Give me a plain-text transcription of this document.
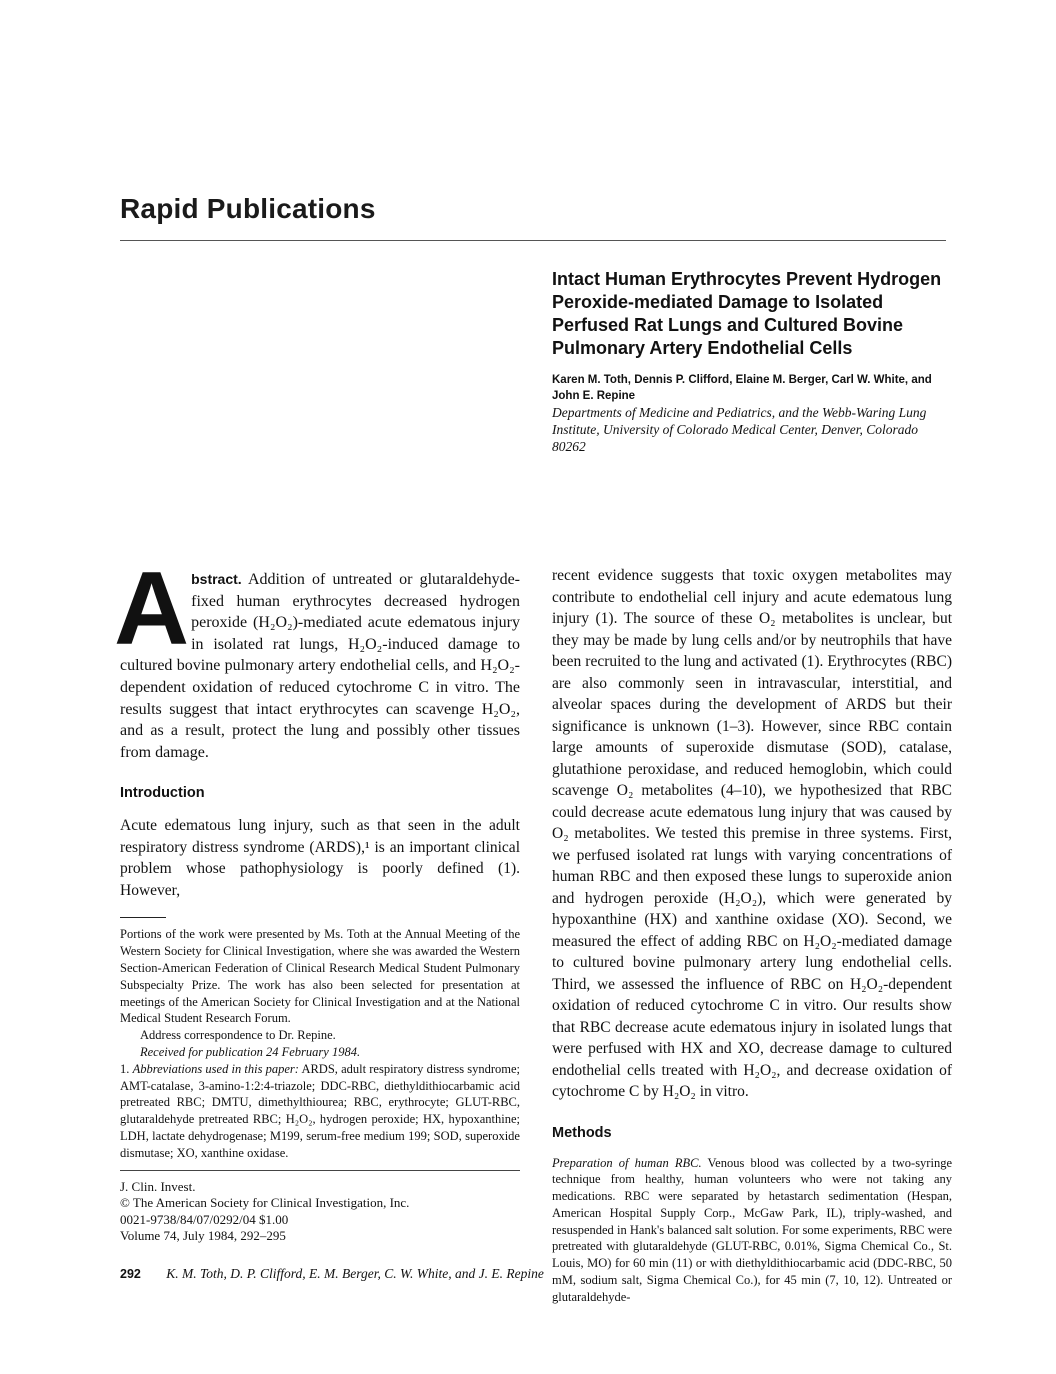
Rapid Publications
Intact Human Erythrocytes Prevent Hydrogen Peroxide-mediated Damage to Isolated Perfused Rat Lungs and Cultured Bovine Pulmonary Artery Endothelial Cells
Karen M. Toth, Dennis P. Clifford, Elaine M. Berger, Carl W. White, and John E. Repine
Departments of Medicine and Pediatrics, and the Webb-Waring Lung Institute, University of Colorado Medical Center, Denver, Colorado 80262
A bstract. Addition of untreated or glutaraldehyde-fixed human erythrocytes decreased hydrogen peroxide (H₂O₂)-mediated acute edematous injury in isolated rat lungs, H₂O₂-induced damage to cultured bovine pulmonary artery endothelial cells, and H₂O₂-dependent oxidation of reduced cytochrome C in vitro. The results suggest that intact erythrocytes can scavenge H₂O₂, and as a result, protect the lung and possibly other tissues from damage.
Introduction

Acute edematous lung injury, such as that seen in the adult respiratory distress syndrome (ARDS),¹ is an important clinical problem whose pathophysiology is poorly defined (1). However,

Portions of the work were presented by Ms. Toth at the Annual Meeting of the Western Society for Clinical Investigation, where she was awarded the Western Section-American Federation of Clinical Research Medical Student Pulmonary Subspecialty Prize. The work has also been selected for presentation at meetings of the American Society for Clinical Investigation and at the National Medical Student Research Forum.

Address correspondence to Dr. Repine.

Received for publication 24 February 1984.

1. Abbreviations used in this paper: ARDS, adult respiratory distress syndrome; AMT-catalase, 3-amino-1:2:4-triazole; DDC-RBC, diethyldithiocarbamic acid pretreated RBC; DMTU, dimethylthiourea; RBC, erythrocyte; GLUT-RBC, glutaraldehyde pretreated RBC; H₂O₂, hydrogen peroxide; HX, hypoxanthine; LDH, lactate dehydrogenase; M199, serum-free medium 199; SOD, superoxide dismutase; XO, xanthine oxidase.

J. Clin. Invest.
© The American Society for Clinical Investigation, Inc.
0021-9738/84/07/0292/04 $1.00
Volume 74, July 1984, 292–295

recent evidence suggests that toxic oxygen metabolites may contribute to endothelial cell injury and acute edematous lung injury (1). The source of these O₂ metabolites is unclear, but they may be made by lung cells and/or by neutrophils that have been recruited to the lung and activated (1). Erythrocytes (RBC) are also commonly seen in intravascular, interstitial, and alveolar spaces during the development of ARDS but their significance is unknown (1–3). However, since RBC contain large amounts of superoxide dismutase (SOD), catalase, glutathione peroxidase, and reduced hemoglobin, which could scavenge O₂ metabolites (4–10), we hypothesized that RBC could decrease acute edematous lung injury that was caused by O₂ metabolites. We tested this premise in three systems. First, we perfused isolated rat lungs with varying concentrations of human RBC and then exposed these lungs to superoxide anion and hydrogen peroxide (H₂O₂), which were generated by hypoxanthine (HX) and xanthine oxidase (XO). Second, we measured the effect of adding RBC on H₂O₂-mediated damage to cultured bovine pulmonary artery lung endothelial cells. Third, we assessed the influence of RBC on H₂O₂-dependent oxidation of reduced cytochrome C in vitro. Our results show that RBC decrease acute edematous injury in isolated lungs that were perfused with HX and XO, decrease damage to cultured endothelial cells treated with H₂O₂, and decrease oxidation of cytochrome C by H₂O₂ in vitro.

Methods

Preparation of human RBC. Venous blood was collected by a two-syringe technique from healthy, human volunteers who were not taking any medications. RBC were separated by hetastarch sedimentation (Hespan, American Hospital Supply Corp., McGaw Park, IL), triply-washed, and resuspended in Hank's balanced salt solution. For some experiments, RBC were pretreated with glutaraldehyde (GLUT-RBC, 0.01%, Sigma Chemical Co., St. Louis, MO) for 60 min (11) or with diethyldithiocarbamic acid (DDC-RBC, 50 mM, sodium salt, Sigma Chemical Co.), for 45 min (7, 10, 12). Untreated or glutaraldehyde-

292 K. M. Toth, D. P. Clifford, E. M. Berger, C. W. White, and J. E. Repine
